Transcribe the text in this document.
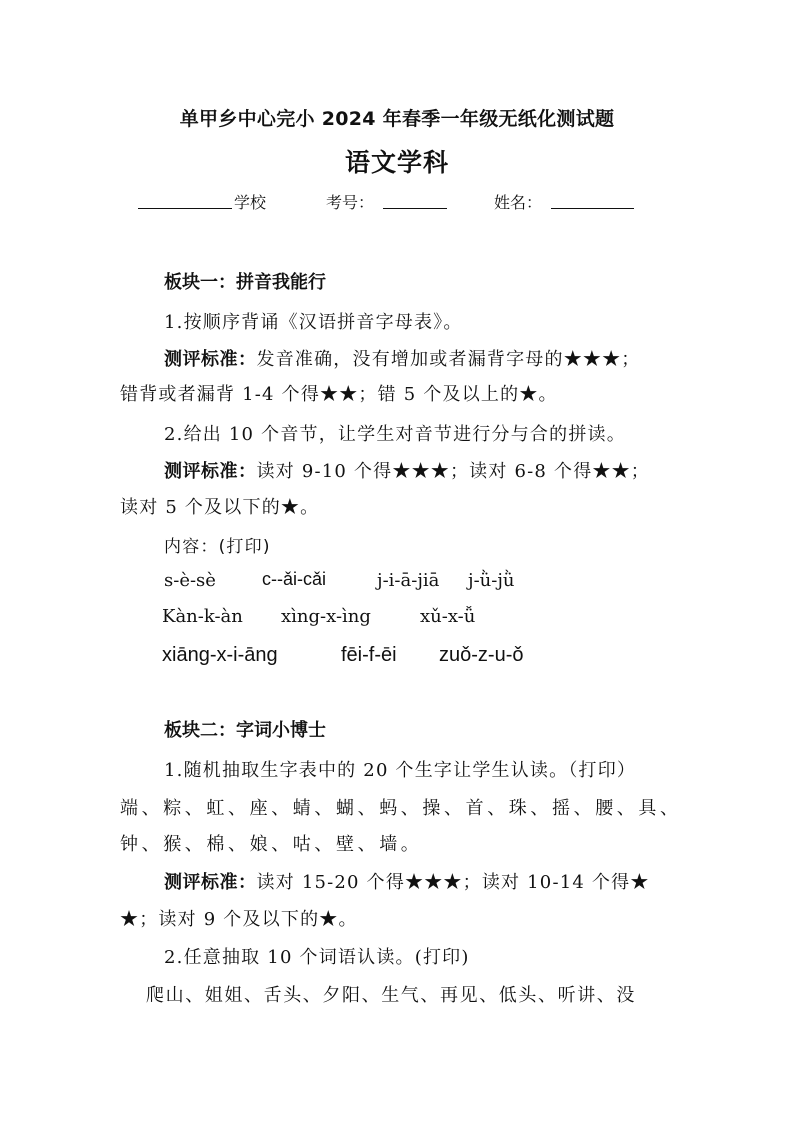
单甲乡中心完小 2024 年春季一年级无纸化测试题
语文学科
学校	考号：	姓名：
板块一：拼音我能行
1.按顺序背诵《汉语拼音字母表》。
测评标准：发音准确，没有增加或者漏背字母的★★★；
错背或者漏背 1-4 个得★★；错 5 个及以上的★。
2.给出 10 个音节，让学生对音节进行分与合的拼读。
测评标准：读对 9-10 个得★★★；读对 6-8 个得★★；
读对 5 个及以下的★。
内容：(打印)
s-è-sè	c--ǎi-cǎi	j-i-ā-jiā j-ǜ-jǜ
Kàn-k-àn xìng-x-ìng	xǔ-x-ǚ
xiāng-x-i-āng	fēi-f-ēi zuǒ-z-u-ǒ
板块二：字词小博士
1.随机抽取生字表中的 20 个生字让学生认读。（打印）
端、粽、虹、座、蜻、蝴、蚂、操、首、珠、摇、腰、具、
钟、猴、棉、娘、咕、壁、墙。
测评标准：读对 15-20 个得★★★；读对 10-14 个得★
★；读对 9 个及以下的★。
2.任意抽取 10 个词语认读。(打印)
爬山、姐姐、舌头、夕阳、生气、再见、低头、听讲、没
